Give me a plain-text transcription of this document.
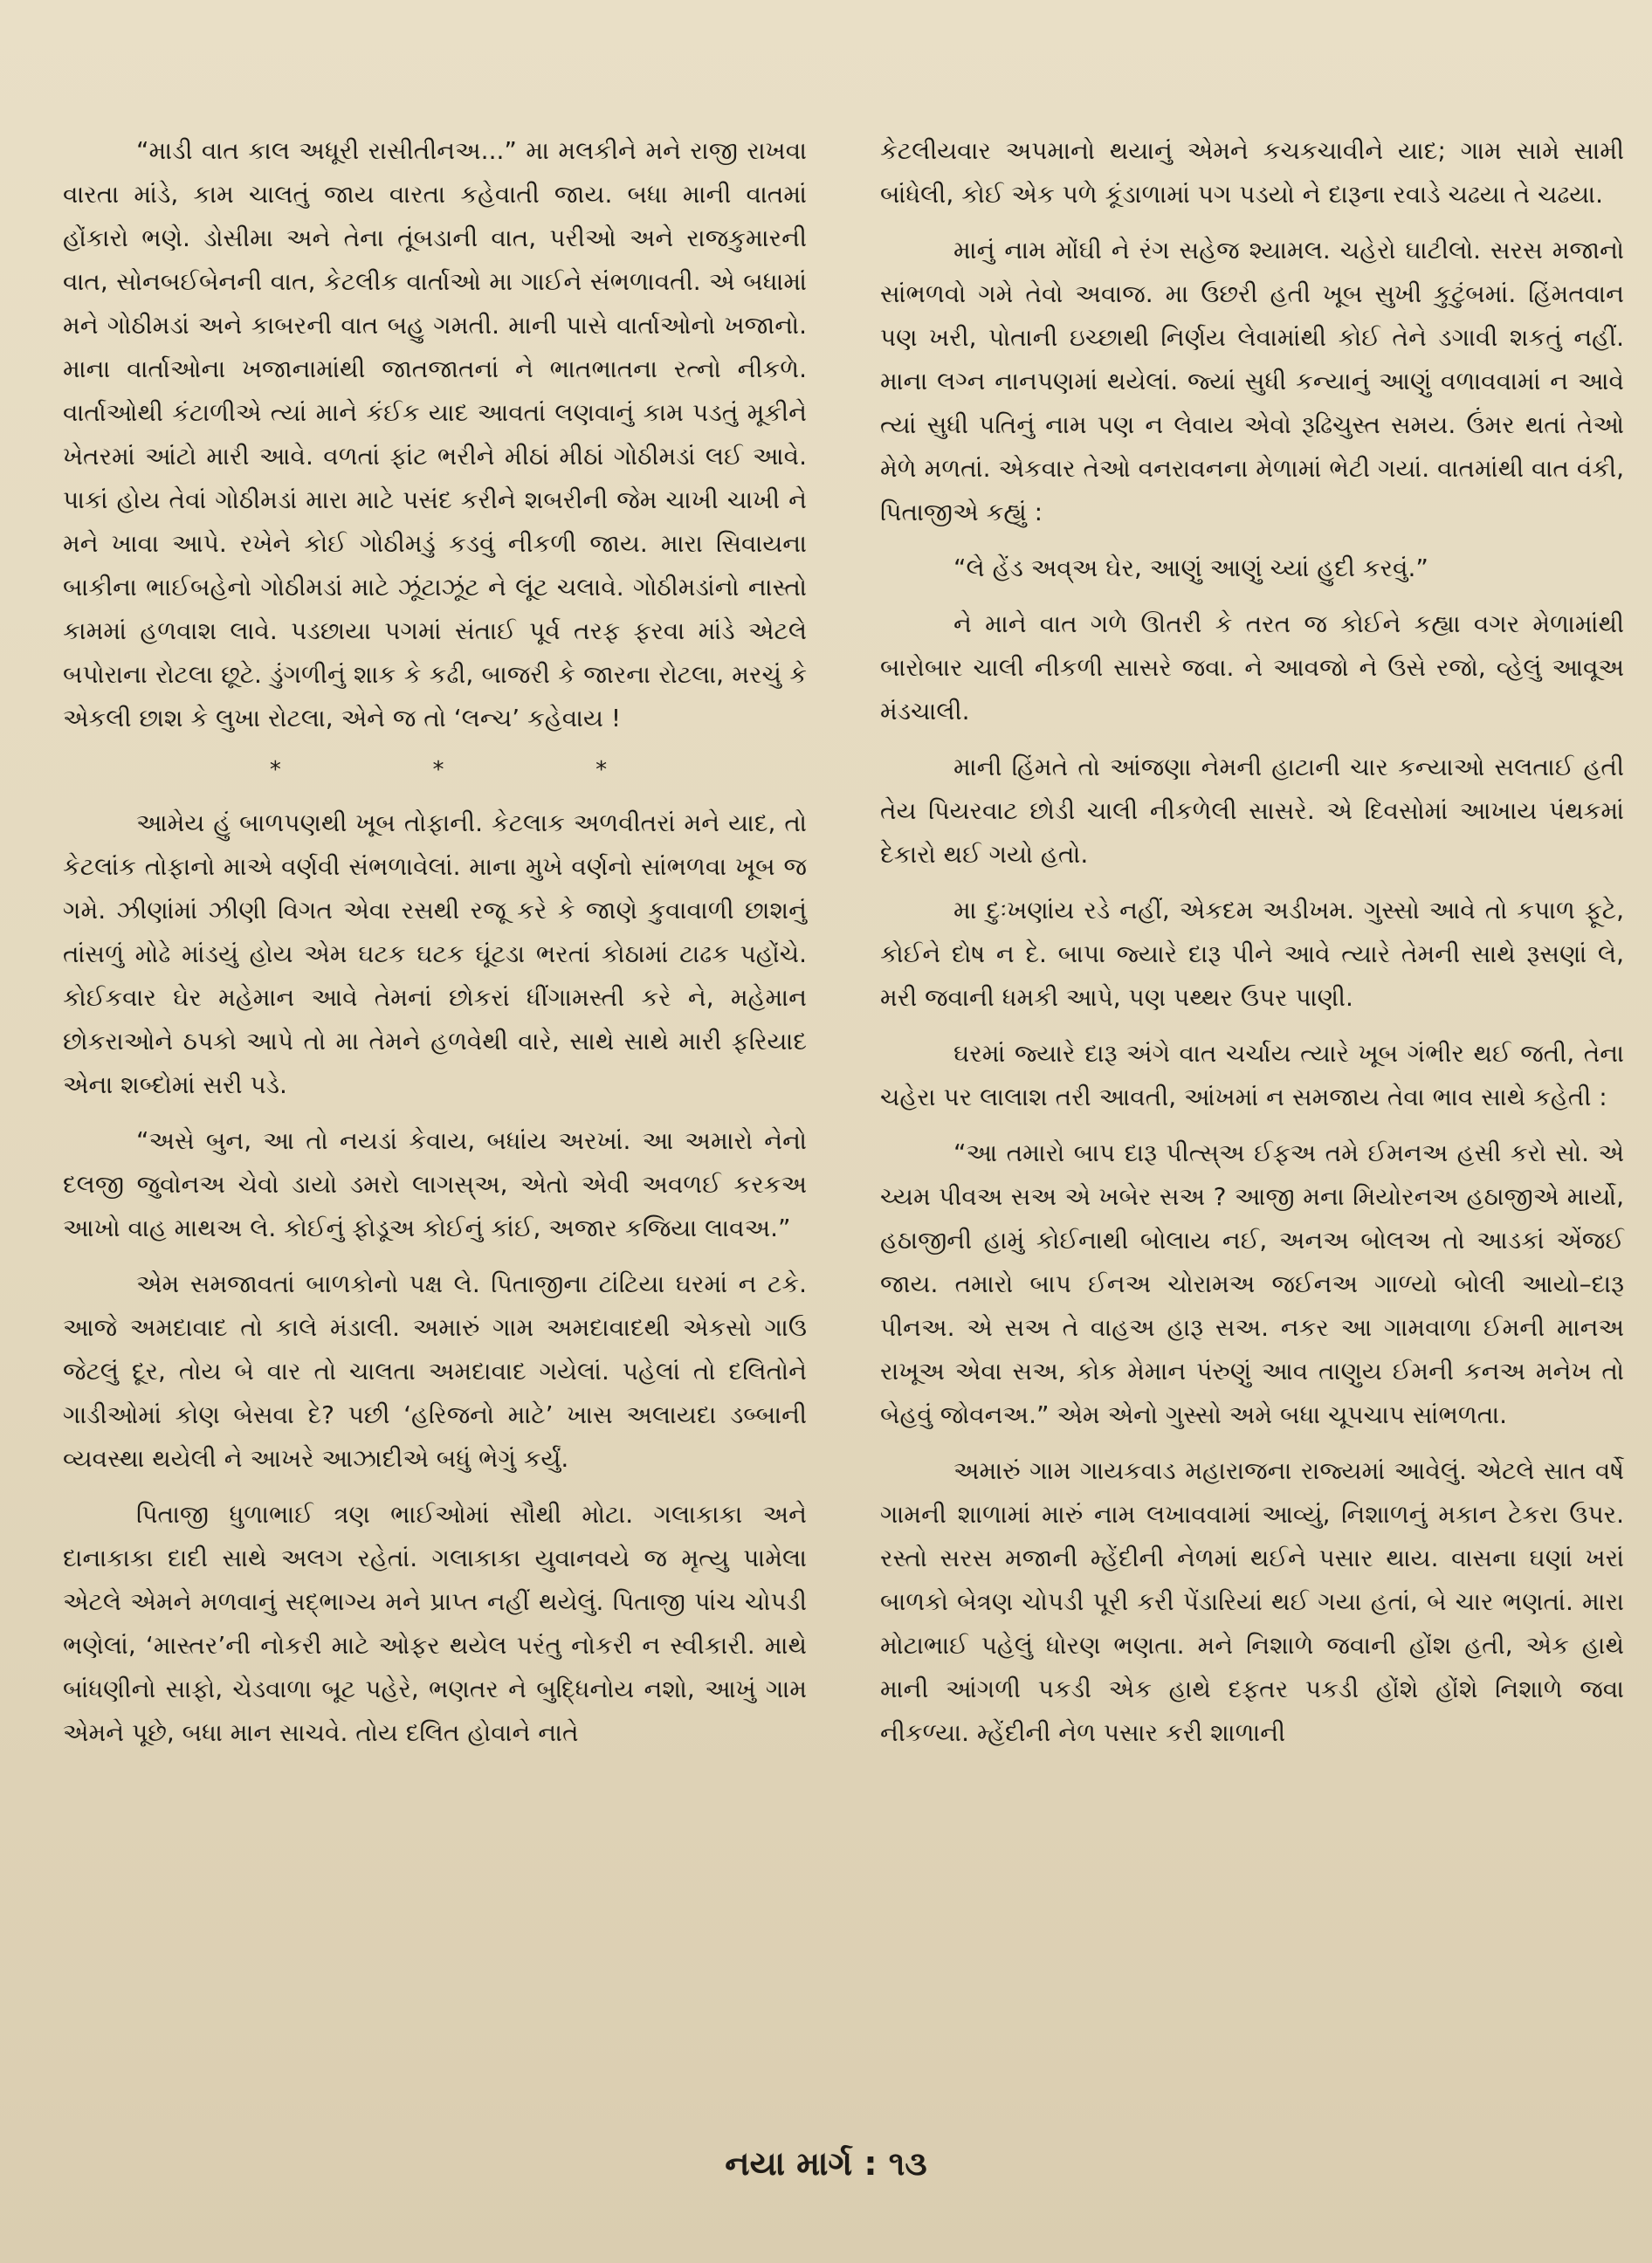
“માડી વાત કાલ અધૂરી રાસીતીનઅ...” મા મલકીને મને રાજી રાખવા વારતા માંડે, કામ ચાલતું જાય વારતા કહેવાતી જાય. બધા માની વાતમાં હોંકારો ભણે. ડોસીમા અને તેના તૂંબડાની વાત, પરીઓ અને રાજકુમારની વાત, સોનબઈબેનની વાત, કેટલીક વાર્તાઓ મા ગાઈને સંભળાવતી. એ બધામાં મને ગોઠીમડાં અને કાબરની વાત બહુ ગમતી. માની પાસે વાર્તાઓનો ખજાનો. માના વાર્તાઓના ખજાનામાંથી જાતજાતનાં ને ભાતભાતના રત્નો નીકળે. વાર્તાઓથી કંટાળીએ ત્યાં માને કંઈક યાદ આવતાં લણવાનું કામ પડતું મૂકીને ખેતરમાં આંટો મારી આવે. વળતાં ફાંટ ભરીને મીઠાં મીઠાં ગોઠીમડાં લઈ આવે. પાકાં હોય તેવાં ગોઠીમડાં મારા માટે પસંદ કરીને શબરીની જેમ ચાખી ચાખી ને મને ખાવા આપે. રખેને કોઈ ગોઠીમડું કડવું નીકળી જાય. મારા સિવાયના બાકીના ભાઈબહેનો ગોઠીમડાં માટે ઝૂંટાઝૂંટ ને લૂંટ ચલાવે. ગોઠીમડાંનો નાસ્તો કામમાં હળવાશ લાવે. પડછાયા પગમાં સંતાઈ પૂર્વ તરફ ફરવા માંડે એટલે બપોરાના રોટલા છૂટે. ડુંગળીનું શાક કે કઢી, બાજરી કે જારના રોટલા, મરચું કે એકલી છાશ કે લુખા રોટલા, એને જ તો ‘લન્ચ’ કહેવાય !

*	*	*

આમેય હું બાળપણથી ખૂબ તોફાની. કેટલાક અળવીતરાં મને યાદ, તો કેટલાંક તોફાનો માએ વર્ણવી સંભળાવેલાં. માના મુખે વર્ણનો સાંભળવા ખૂબ જ ગમે. ઝીણાંમાં ઝીણી વિગત એવા રસથી રજૂ કરે કે જાણે કુવાવાળી છાશનું તાંસળું મોઢે માંડયું હોય એમ ઘટક ઘટક ઘૂંટડા ભરતાં કોઠામાં ટાઢક પહોંચે. કોઈકવાર ઘેર મહેમાન આવે તેમનાં છોકરાં ધીંગામસ્તી કરે ને, મહેમાન છોકરાઓને ઠપકો આપે તો મા તેમને હળવેથી વારે, સાથે સાથે મારી ફરિયાદ એના શબ્દોમાં સરી પડે.

“અસે બુન, આ તો નયડાં કેવાય, બધાંય અરખાં. આ અમારો નેનો દલજી જુવોનઅ ચેવો ડાયો ડમરો લાગસ્અ, એતો એવી અવળઈ કરકઅ આખો વાહ માથઅ લે. કોઈનું ફોડૂઅ કોઈનું કાંઈ, અજાર કજિયા લાવઅ.”

એમ સમજાવતાં બાળકોનો પક્ષ લે. પિતાજીના ટાંટિયા ઘરમાં ન ટકે. આજે અમદાવાદ તો કાલે મંડાલી. અમારું ગામ અમદાવાદથી એકસો ગાઉ જેટલું દૂર, તોય બે વાર તો ચાલતા અમદાવાદ ગયેલાં. પહેલાં તો દલિતોને ગાડીઓમાં કોણ બેસવા દે? પછી ‘હરિજનો માટે’ ખાસ અલાયદા ડબ્બાની વ્યવસ્થા થયેલી ને આખરે આઝાદીએ બધું ભેગું કર્યું.

પિતાજી ધુળાભાઈ ત્રણ ભાઈઓમાં સૌથી મોટા. ગલાકાકા અને દાનાકાકા દાદી સાથે અલગ રહેતાં. ગલાકાકા યુવાનવયે જ મૃત્યુ પામેલા એટલે એમને મળવાનું સદ્‌ભાગ્ય મને પ્રાપ્ત નહીં થયેલું. પિતાજી પાંચ ચોપડી ભણેલાં, ‘માસ્તર’ની નોકરી માટે ઓફર થયેલ પરંતુ નોકરી ન સ્વીકારી. માથે બાંધણીનો સાફો, ચેડવાળા બૂટ પહેરે, ભણતર ને બુદ્ધિનોય નશો, આખું ગામ એમને પૂછે, બધા માન સાચવે. તોય દલિત હોવાને નાતે

કેટલીયવાર અપમાનો થયાનું એમને કચકચાવીને યાદ; ગામ સામે સામી બાંધેલી, કોઈ એક પળે કૂંડાળામાં પગ પડયો ને દારૂના રવાડે ચઢયા તે ચઢયા.

માનું નામ મોંઘી ને રંગ સહેજ શ્યામલ. ચહેરો ઘાટીલો. સરસ મજાનો સાંભળવો ગમે તેવો અવાજ. મા ઉછરી હતી ખૂબ સુખી કુટુંબમાં. હિંમતવાન પણ ખરી, પોતાની ઇચ્છાથી નિર્ણય લેવામાંથી કોઈ તેને ડગાવી શકતું નહીં. માના લગ્ન નાનપણમાં થયેલાં. જ્યાં સુધી કન્યાનું આણું વળાવવામાં ન આવે ત્યાં સુધી પતિનું નામ પણ ન લેવાય એવો રૂઢિચુસ્ત સમય. ઉંમર થતાં તેઓ મેળે મળતાં. એકવાર તેઓ વનરાવનના મેળામાં ભેટી ગયાં. વાતમાંથી વાત વંકી, પિતાજીએ કહ્યું :

“લે હેંડ અવ્અ ઘેર, આણું આણું ચ્યાં હુદી કરવું.”

ને માને વાત ગળે ઊતરી કે તરત જ કોઈને કહ્યા વગર મેળામાંથી બારોબાર ચાલી નીકળી સાસરે જવા. ને આવજો ને ઉસે રજો, વ્હેલું આવૂઅ મંડચાલી.

માની હિંમતે તો આંજણા નેમની હાટાની ચાર કન્યાઓ સલતાઈ હતી તેય પિયરવાટ છોડી ચાલી નીકળેલી સાસરે. એ દિવસોમાં આખાય પંથકમાં દેકારો થઈ ગયો હતો.

મા દુઃખણાંય રડે નહીં, એકદમ અડીખમ. ગુસ્સો આવે તો કપાળ ફૂટે, કોઈને દોષ ન દે. બાપા જ્યારે દારૂ પીને આવે ત્યારે તેમની સાથે રૂસણાં લે, મરી જવાની ધમકી આપે, પણ પથ્થર ઉપર પાણી.

ઘરમાં જ્યારે દારૂ અંગે વાત ચર્ચાય ત્યારે ખૂબ ગંભીર થઈ જતી, તેના ચહેરા પર લાલાશ તરી આવતી, આંખમાં ન સમજાય તેવા ભાવ સાથે કહેતી :

“આ તમારો બાપ દારૂ પીત્સ્અ ઈફઅ તમે ઈમનઅ હસી કરો સો. એ ચ્યમ પીવઅ સઅ એ ખબેર સઅ ? આજી મના મિયોરનઅ હઠાજીએ માર્યો, હઠાજીની હામું કોઈનાથી બોલાય નઈ, અનઅ બોલઅ તો આડકાં એંજઈ જાય. તમારો બાપ ઈનઅ ચોરામઅ જઈનઅ ગાળ્યો બોલી આયો–દારૂ પીનઅ. એ સઅ તે વાહઅ હારૂ સઅ. નકર આ ગામવાળા ઈમની માનઅ રાખૂઅ એવા સઅ, કોક મેમાન પંરુણું આવ તાણુય ઈમની કનઅ મનેખ તો બેહવું જોવનઅ.” એમ એનો ગુસ્સો અમે બધા ચૂપચાપ સાંભળતા.

અમારું ગામ ગાયકવાડ મહારાજના રાજ્યમાં આવેલું. એટલે સાત વર્ષે ગામની શાળામાં મારું નામ લખાવવામાં આવ્યું, નિશાળનું મકાન ટેકરા ઉપર. રસ્તો સરસ મજાની મ્હેંદીની નેળમાં થઈને પસાર થાય. વાસના ઘણાં ખરાં બાળકો બેત્રણ ચોપડી પૂરી કરી પેંડારિયાં થઈ ગયા હતાં, બે ચાર ભણતાં. મારા મોટાભાઈ પહેલું ધોરણ ભણતા. મને નિશાળે જવાની હોંશ હતી, એક હાથે માની આંગળી પકડી એક હાથે દફતર પકડી હોંશે હોંશે નિશાળે જવા નીકળ્યા. મ્હેંદીની નેળ પસાર કરી શાળાની

નયા માર્ગ : ૧૩
